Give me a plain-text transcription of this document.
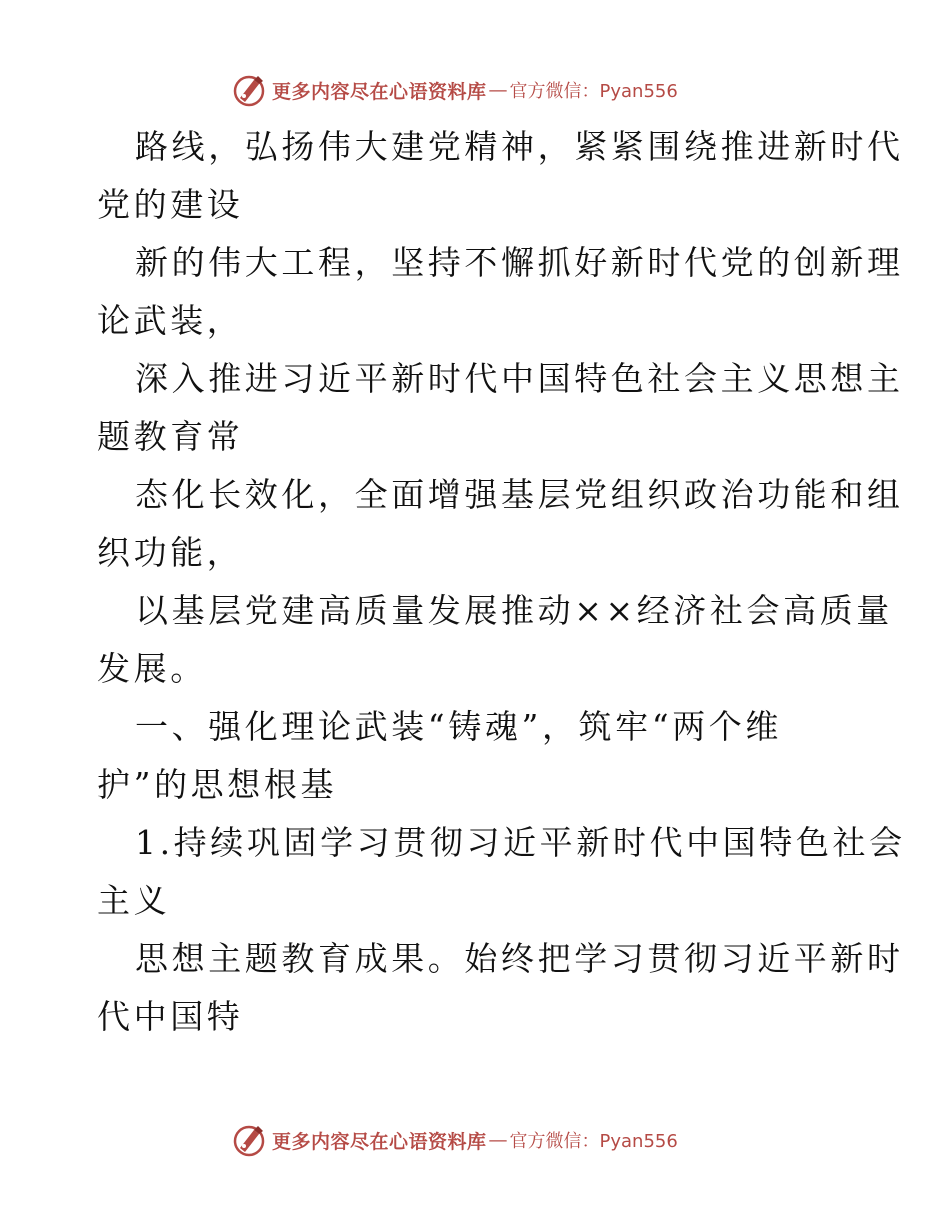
更多内容尽在心语资料库 — 官方微信：Pyan556
路线，弘扬伟大建党精神，紧紧围绕推进新时代
党的建设
新的伟大工程，坚持不懈抓好新时代党的创新理
论武装，
深入推进习近平新时代中国特色社会主义思想主
题教育常
态化长效化，全面增强基层党组织政治功能和组
织功能，
以基层党建高质量发展推动××经济社会高质量
发展。
一、强化理论武装“铸魂”，筑牢“两个维
护”的思想根基
1.持续巩固学习贯彻习近平新时代中国特色社会
主义
思想主题教育成果。始终把学习贯彻习近平新时
代中国特
更多内容尽在心语资料库 — 官方微信：Pyan556
